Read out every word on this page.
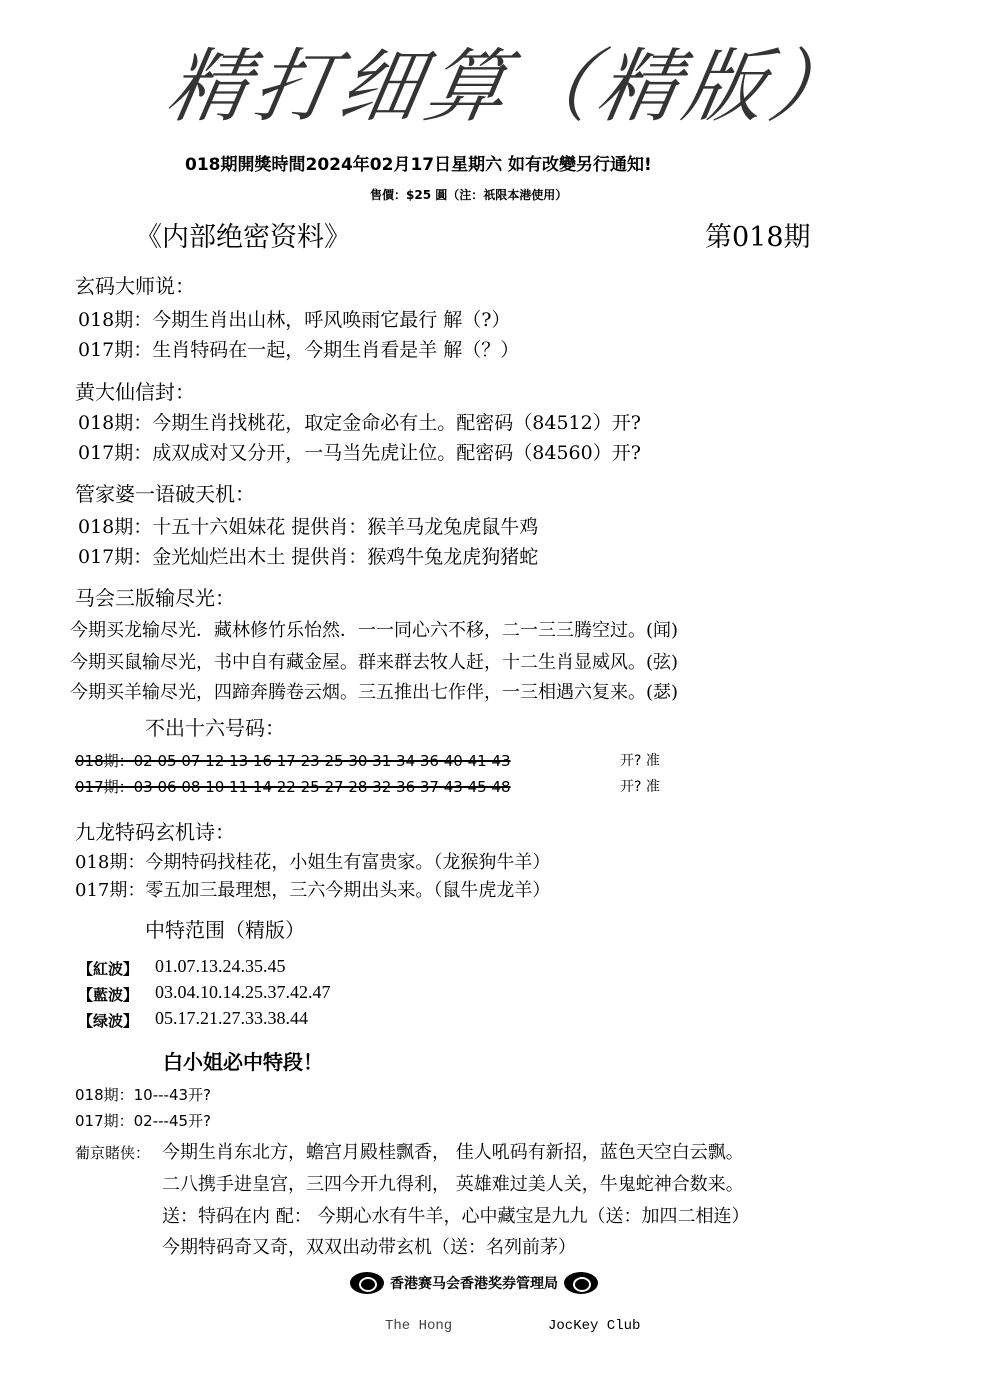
精打细算（精版）
018期開獎時間2024年02月17日星期六 如有改變另行通知!
售價：$25 圓（注：祇限本港使用）
《内部绝密资料》	第018期
玄码大师说：
018期：今期生肖出山林，呼风唤雨它最行 解（?）
017期：生肖特码在一起，今期生肖看是羊 解（？）
黄大仙信封：
018期：今期生肖找桃花，取定金命必有土。配密码（84512）开?
017期：成双成对又分开，一马当先虎让位。配密码（84560）开?
管家婆一语破天机：
018期：十五十六姐妹花 提供肖：猴羊马龙兔虎鼠牛鸡
017期：金光灿烂出木土 提供肖：猴鸡牛兔龙虎狗猪蛇
马会三版输尽光：
今期买龙输尽光．藏林修竹乐怡然．一一同心六不移，二一三三腾空过。(闻)
今期买鼠输尽光，书中自有藏金屋。群来群去牧人赶，十二生肖显威风。(弦)
今期买羊输尽光，四蹄奔腾卷云烟。三五推出七作伴，一三相遇六复来。(瑟)
不出十六号码：
018期：02 05 07 12 13 16 17 23 25 30 31 34 36 40 41 43	开? 准
017期：03 06 08 10 11 14 22 25 27 28 32 36 37 43 45 48	开? 准
九龙特码玄机诗：
018期：今期特码找桂花，小姐生有富贵家。（龙猴狗牛羊）
017期：零五加三最理想，三六今期出头来。（鼠牛虎龙羊）
中特范围（精版）
【紅波】 01.07.13.24.35.45
【藍波】 03.04.10.14.25.37.42.47
【绿波】 05.17.21.27.33.38.44
白小姐必中特段！
018期：10---43开?
017期：02---45开?
葡京賭侠： 今期生肖东北方，蟾宫月殿桂飘香， 佳人吼码有新招，蓝色天空白云飘。
二八携手进皇宫，三四今开九得利， 英雄难过美人关，牛鬼蛇神合数来。
送：特码在内 配： 今期心水有牛羊，心中藏宝是九九（送：加四二相连）
今期特码奇又奇，双双出动带玄机（送：名列前茅）
香港赛马会香港奖券管理局
The Hong	JocKey Club
